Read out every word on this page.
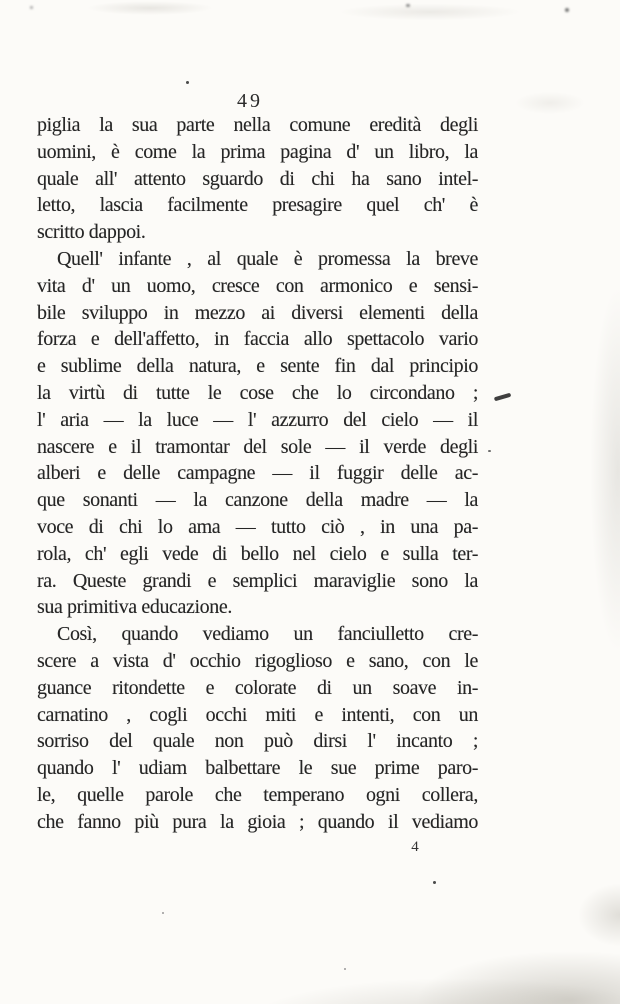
49
piglia la sua parte nella comune eredità degli
uomini, è come la prima pagina d' un libro, la
quale all' attento sguardo di chi ha sano intel-
letto, lascia facilmente presagire quel ch' è
scritto dappoi.
Quell' infante , al quale è promessa la breve
vita d' un uomo, cresce con armonico e sensi-
bile sviluppo in mezzo ai diversi elementi della
forza e dell'affetto, in faccia allo spettacolo vario
e sublime della natura, e sente fin dal principio
la virtù di tutte le cose che lo circondano ;
l' aria — la luce — l' azzurro del cielo — il
nascere e il tramontar del sole — il verde degli
alberi e delle campagne — il fuggir delle ac-
que sonanti — la canzone della madre — la
voce di chi lo ama — tutto ciò , in una pa-
rola, ch' egli vede di bello nel cielo e sulla ter-
ra. Queste grandi e semplici maraviglie sono la
sua primitiva educazione.
Così, quando vediamo un fanciulletto cre-
scere a vista d' occhio rigoglioso e sano, con le
guance ritondette e colorate di un soave in-
carnatino , cogli occhi miti e intenti, con un
sorriso del quale non può dirsi l' incanto ;
quando l' udiam balbettare le sue prime paro-
le, quelle parole che temperano ogni collera,
che fanno più pura la gioia ; quando il vediamo
4
